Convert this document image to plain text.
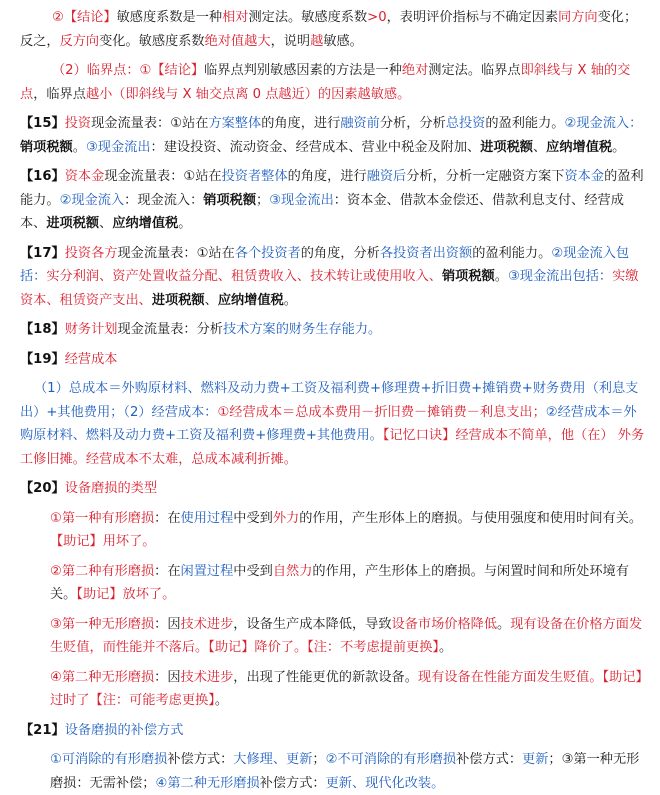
②【结论】敏感度系数是一种相对测定法。敏感度系数>0，表明评价指标与不确定因素同方向变化；反之，反方向变化。敏感度系数绝对值越大，说明越敏感。

（2）临界点：①【结论】临界点判别敏感因素的方法是一种绝对测定法。临界点即斜线与 X 轴的交点，临界点越小（即斜线与 X 轴交点离 0 点越近）的因素越敏感。

【15】投资现金流量表：①站在方案整体的角度，进行融资前分析，分析总投资的盈利能力。②现金流入：销项税额。③现金流出：建设投资、流动资金、经营成本、营业中税金及附加、进项税额、应纳增值税。

【16】资本金现金流量表：①站在投资者整体的角度，进行融资后分析，分析一定融资方案下资本金的盈利能力。②现金流入：现金流入：销项税额；③现金流出：资本金、借款本金偿还、借款利息支付、经营成本、进项税额、应纳增值税。

【17】投资各方现金流量表：①站在各个投资者的角度，分析各投资者出资额的盈利能力。②现金流入包括：实分利润、资产处置收益分配、租赁费收入、技术转让或使用收入、销项税额。③现金流出包括：实缴资本、租赁资产支出、进项税额、应纳增值税。

【18】财务计划现金流量表：分析技术方案的财务生存能力。

【19】经营成本

（1）总成本＝外购原材料、燃料及动力费+工资及福利费+修理费+折旧费+摊销费+财务费用（利息支出）+其他费用；（2）经营成本：①经营成本＝总成本费用－折旧费－摊销费－利息支出；②经营成本＝外购原材料、燃料及动力费+工资及福利费+修理费+其他费用。【记忆口诀】经营成本不简单，他（在） 外务工修旧摊。经营成本不太难，总成本减利折摊。

【20】设备磨损的类型

①第一种有形磨损：在使用过程中受到外力的作用，产生形体上的磨损。与使用强度和使用时间有关。【助记】用坏了。

②第二种有形磨损：在闲置过程中受到自然力的作用，产生形体上的磨损。与闲置时间和所处环境有关。【助记】放坏了。

③第一种无形磨损：因技术进步，设备生产成本降低，导致设备市场价格降低。现有设备在价格方面发生贬值，而性能并不落后。【助记】降价了。【注：不考虑提前更换】。

④第二种无形磨损：因技术进步，出现了性能更优的新款设备。现有设备在性能方面发生贬值。【助记】过时了【注：可能考虑更换】。

【21】设备磨损的补偿方式

①可消除的有形磨损补偿方式：大修理、更新；②不可消除的有形磨损补偿方式：更新；③第一种无形磨损：无需补偿；④第二种无形磨损补偿方式：更新、现代化改装。
